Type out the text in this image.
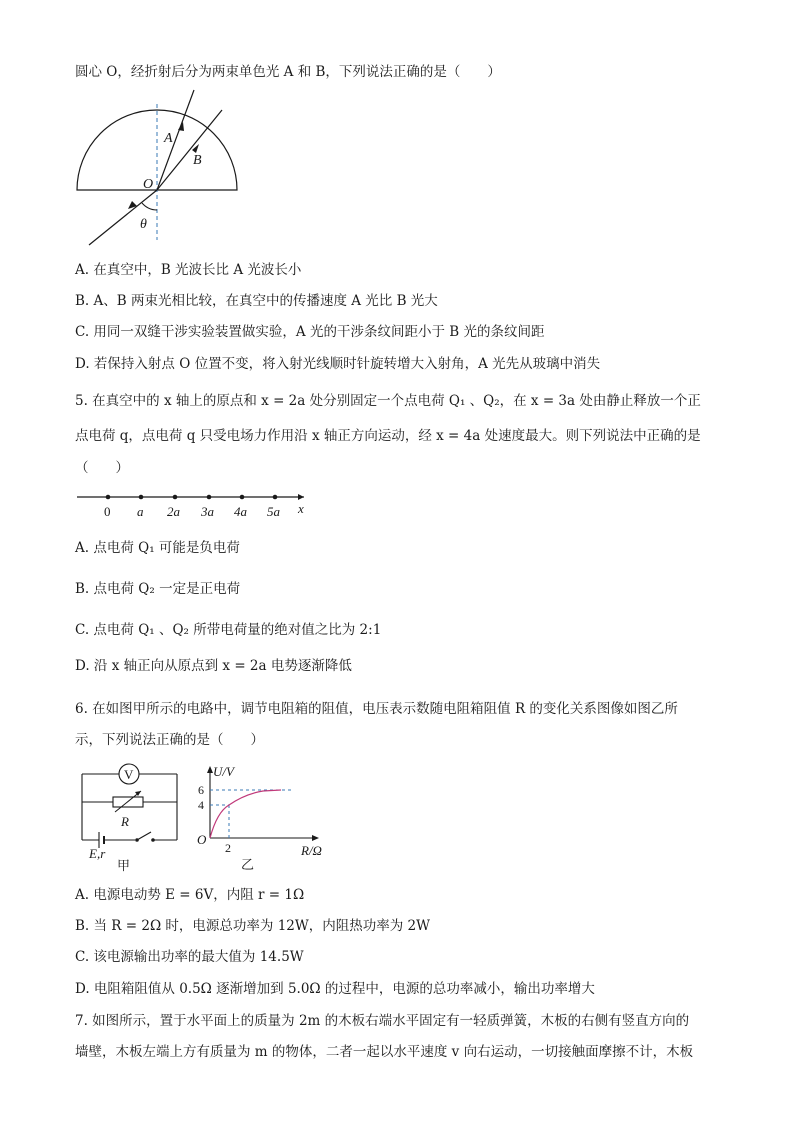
圆心 O，经折射后分为两束单色光 A 和 B，下列说法正确的是（　　）
A
B
O
θ
A. 在真空中，B 光波长比 A 光波长小
B. A、B 两束光相比较，在真空中的传播速度 A 光比 B 光大
C. 用同一双缝干涉实验装置做实验，A 光的干涉条纹间距小于 B 光的条纹间距
D. 若保持入射点 O 位置不变，将入射光线顺时针旋转增大入射角，A 光先从玻璃中消失
5. 在真空中的 x 轴上的原点和 x = 2a 处分别固定一个点电荷 Q₁ 、Q₂，在 x = 3a 处由静止释放一个正
点电荷 q，点电荷 q 只受电场力作用沿 x 轴正方向运动，经 x = 4a 处速度最大。则下列说法中正确的是
（　　）
0 a 2a 3a 4a 5a x
A. 点电荷 Q₁ 可能是负电荷
B. 点电荷 Q₂ 一定是正电荷
C. 点电荷 Q₁ 、Q₂ 所带电荷量的绝对值之比为 2:1
D. 沿 x 轴正向从原点到 x = 2a 电势逐渐降低
6. 在如图甲所示的电路中，调节电阻箱的阻值，电压表示数随电阻箱阻值 R 的变化关系图像如图乙所
示，下列说法正确的是（　　）
V
R
E,r
甲
U/V
6
4
O
2	R/Ω
乙
A. 电源电动势 E = 6V，内阻 r = 1Ω
B. 当 R = 2Ω 时，电源总功率为 12W，内阻热功率为 2W
C. 该电源输出功率的最大值为 14.5W
D. 电阻箱阻值从 0.5Ω 逐渐增加到 5.0Ω 的过程中，电源的总功率减小，输出功率增大
7. 如图所示，置于水平面上的质量为 2m 的木板右端水平固定有一轻质弹簧，木板的右侧有竖直方向的
墙壁，木板左端上方有质量为 m 的物体，二者一起以水平速度 v 向右运动，一切接触面摩擦不计，木板
